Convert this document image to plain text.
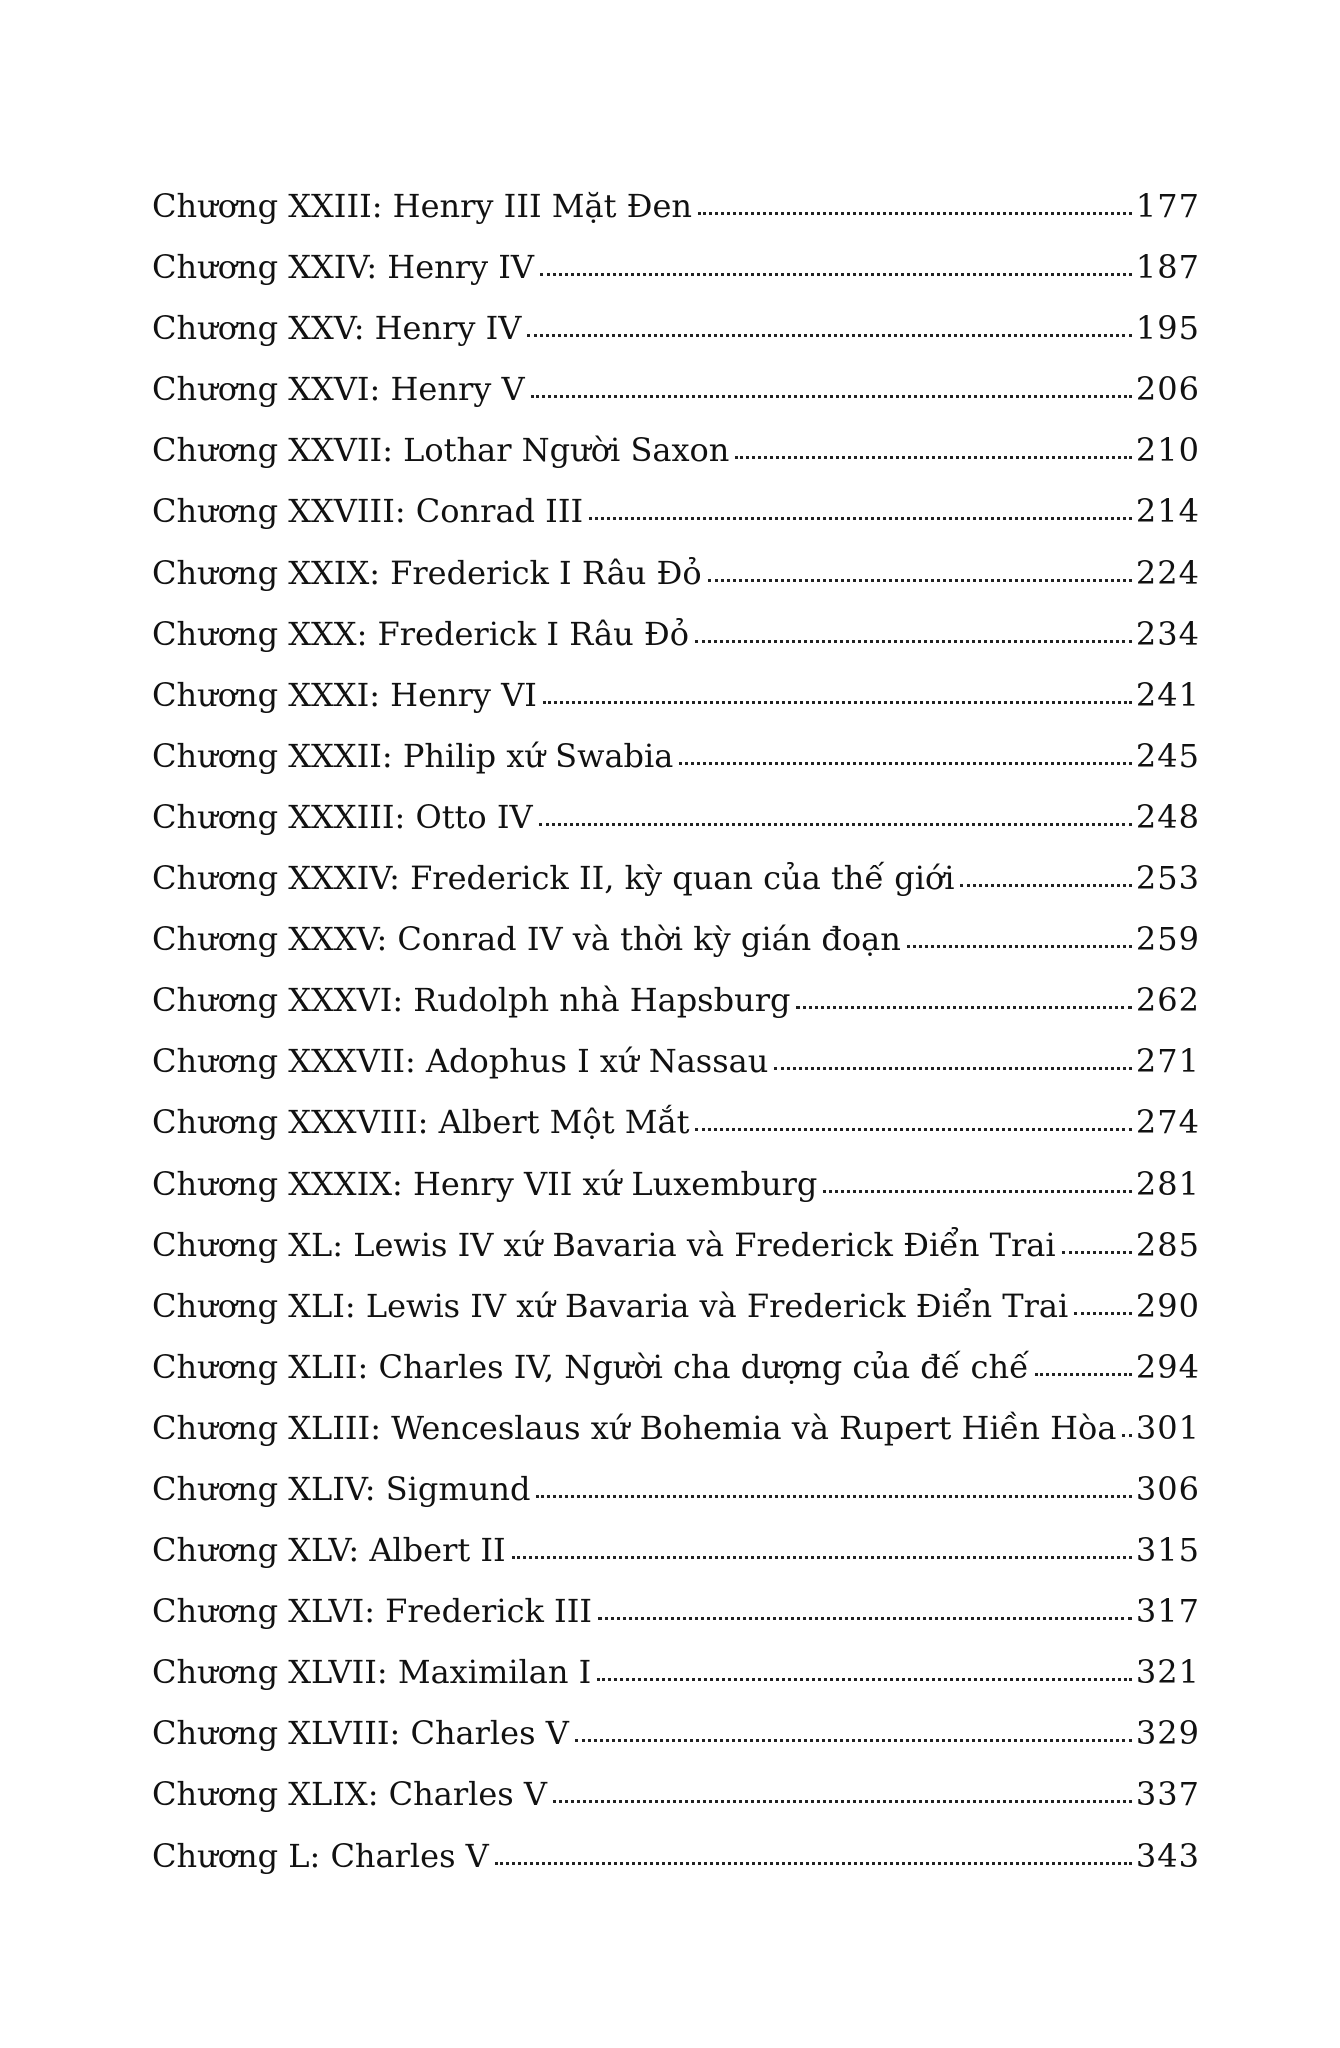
Chương XXIII: Henry III Mặt Đen	177
Chương XXIV: Henry IV	187
Chương XXV: Henry IV	195
Chương XXVI: Henry V	206
Chương XXVII: Lothar Người Saxon	210
Chương XXVIII: Conrad III	214
Chương XXIX: Frederick I Râu Đỏ	224
Chương XXX: Frederick I Râu Đỏ	234
Chương XXXI: Henry VI	241
Chương XXXII: Philip xứ Swabia	245
Chương XXXIII: Otto IV	248
Chương XXXIV: Frederick II, kỳ quan của thế giới	253
Chương XXXV: Conrad IV và thời kỳ gián đoạn	259
Chương XXXVI: Rudolph nhà Hapsburg	262
Chương XXXVII: Adophus I xứ Nassau	271
Chương XXXVIII: Albert Một Mắt	274
Chương XXXIX: Henry VII xứ Luxemburg	281
Chương XL: Lewis IV xứ Bavaria và Frederick Điển Trai	285
Chương XLI: Lewis IV xứ Bavaria và Frederick Điển Trai 290
Chương XLII: Charles IV, Người cha dượng của đế chế	294
Chương XLIII: Wenceslaus xứ Bohemia và Rupert Hiền Hòa 301
Chương XLIV: Sigmund	306
Chương XLV: Albert II	315
Chương XLVI: Frederick III	317
Chương XLVII: Maximilan I	321
Chương XLVIII: Charles V	329
Chương XLIX: Charles V	337
Chương L: Charles V	343
